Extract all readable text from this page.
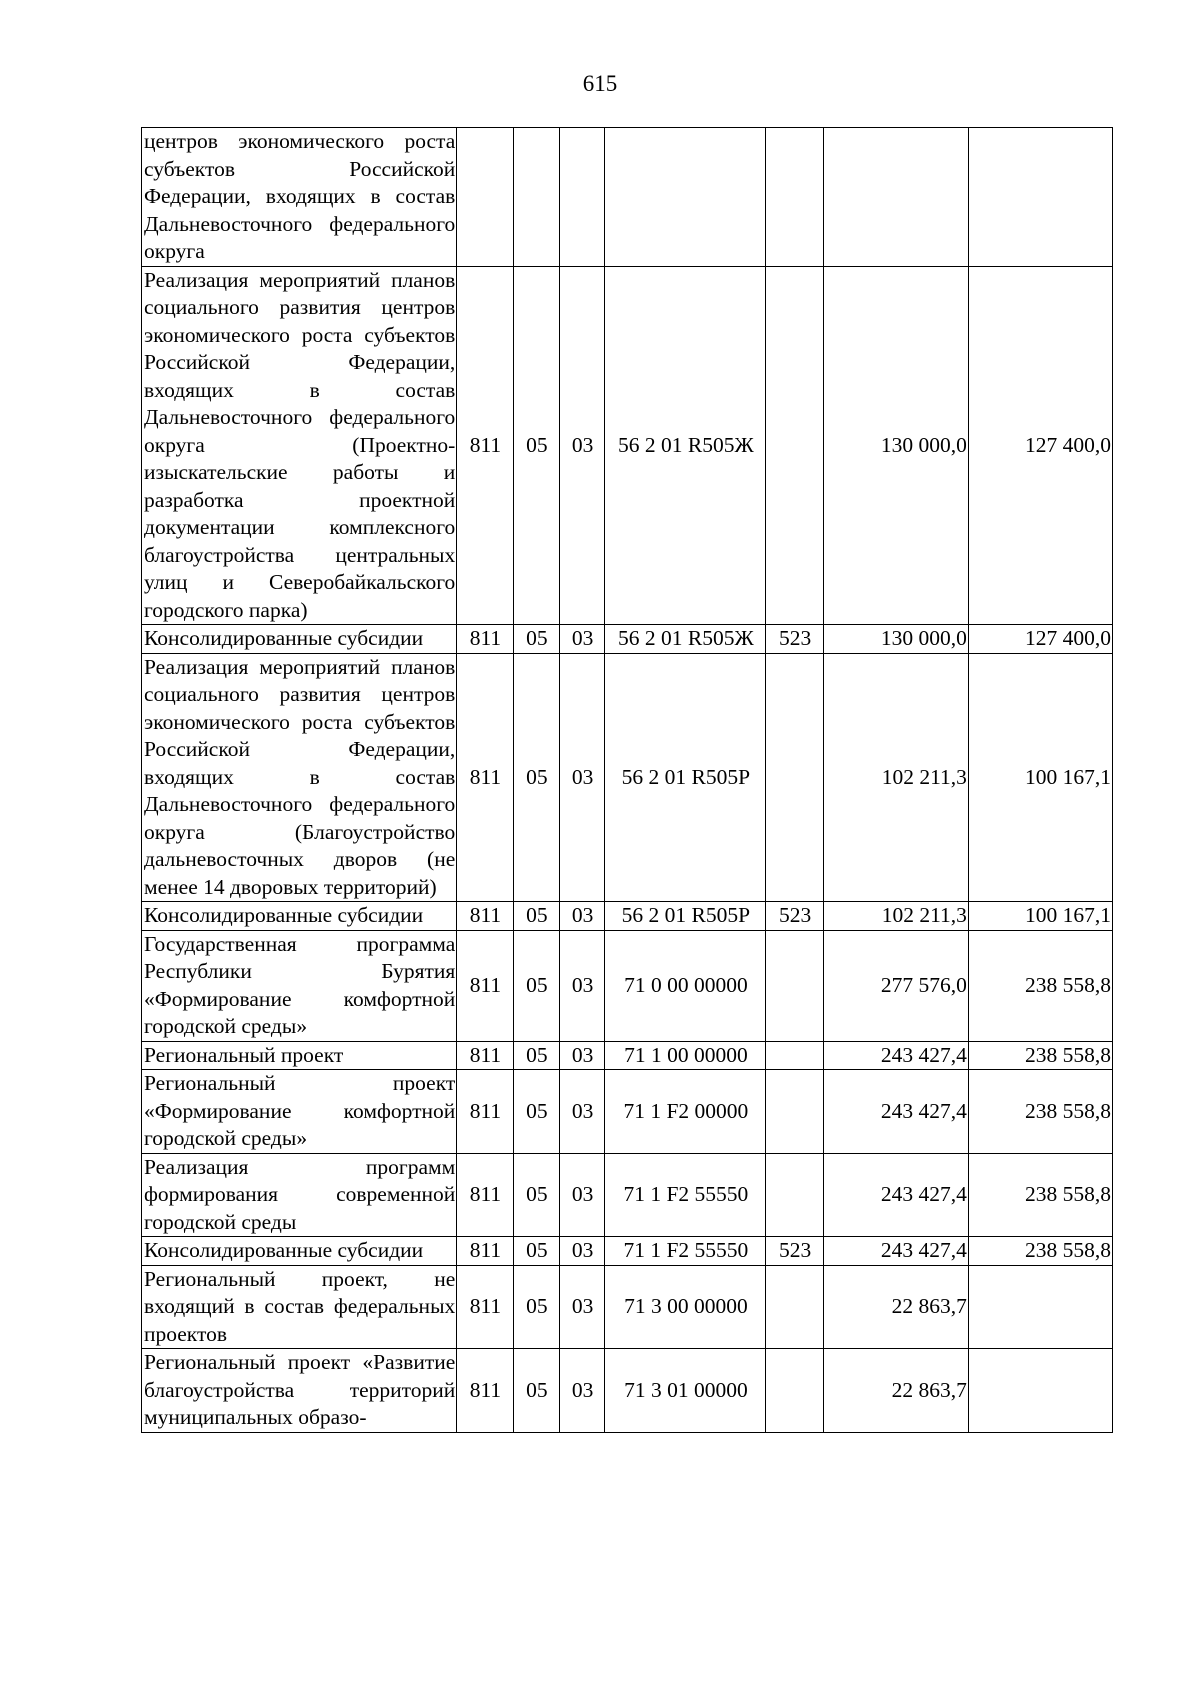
615
центров экономического роста субъектов Российской Федерации, входящих в состав Дальневосточного федерального округа							
Реализация мероприятий планов социального развития центров экономического роста субъектов Российской Федерации, входящих в состав Дальневосточного федерального округа (Проектно-изыскательские работы и разработка проектной документации комплексного благоустройства центральных улиц и Северобайкальского городского парка)	811	05	03	56 2 01 R505Ж		130 000,0	127 400,0
Консолидированные субсидии	811	05	03	56 2 01 R505Ж	523	130 000,0	127 400,0
Реализация мероприятий планов социального развития центров экономического роста субъектов Российской Федерации, входящих в состав Дальневосточного федерального округа (Благоустройство дальневосточных дворов (не менее 14 дворовых территорий)	811	05	03	56 2 01 R505Р		102 211,3	100 167,1
Консолидированные субсидии	811	05	03	56 2 01 R505Р	523	102 211,3	100 167,1
Государственная программа Республики Бурятия «Формирование комфортной городской среды»	811	05	03	71 0 00 00000		277 576,0	238 558,8
Региональный проект	811	05	03	71 1 00 00000		243 427,4	238 558,8
Региональный проект «Формирование комфортной городской среды»	811	05	03	71 1 F2 00000		243 427,4	238 558,8
Реализация программ формирования современной городской среды	811	05	03	71 1 F2 55550		243 427,4	238 558,8
Консолидированные субсидии	811	05	03	71 1 F2 55550	523	243 427,4	238 558,8
Региональный проект, не входящий в состав федеральных проектов	811	05	03	71 3 00 00000		22 863,7	
Региональный проект «Развитие благоустройства территорий муниципальных образо-	811	05	03	71 3 01 00000		22 863,7	
